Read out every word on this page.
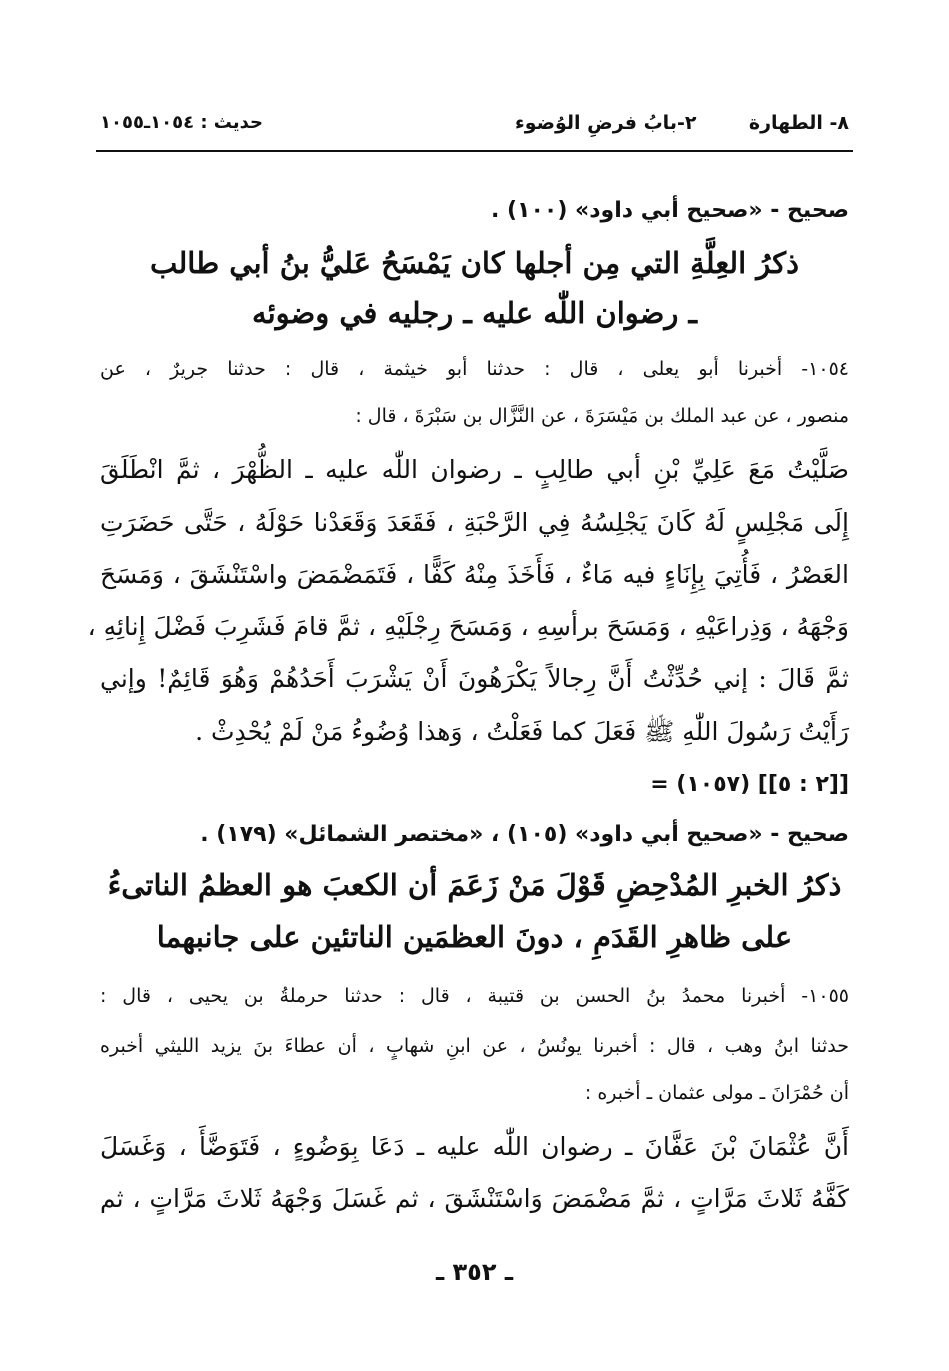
حديث : ١٠٥٤ـ١٠٥٥	٢-بابُ فرضِ الوُضوء	٨- الطهارة
صحيح - «صحيح أبي داود» (١٠٠) .
ذكرُ العِلَّةِ التي مِن أجلها كان يَمْسَحُ عَليُّ بنُ أبي طالب
ـ رضوان اللّٰه عليه ـ رجليه في وضوئه
١٠٥٤- أخبرنا أبو يعلى ، قال : حدثنا أبو خيثمة ، قال : حدثنا جريرٌ ، عن
منصور ، عن عبد الملك بن مَيْسَرَةَ ، عن النَّزَّال بن سَبْرَةَ ، قال :
صَلَّيْتُ مَعَ عَلِيِّ بْنِ أبي طالِبٍ ـ رضوان اللّٰه عليه ـ الظُّهْرَ ، ثمَّ انْطَلَقَ
إِلَى مَجْلِسٍ لَهُ كَانَ يَجْلِسُهُ فِي الرَّحْبَةِ ، فَقَعَدَ وَقَعَدْنا حَوْلَهُ ، حَتَّى حَضَرَتِ
العَصْرُ ، فَأُتِيَ بِإِنَاءٍ فيه مَاءٌ ، فَأَخَذَ مِنْهُ كَفًّا ، فَتَمَضْمَضَ واسْتَنْشَقَ ، وَمَسَحَ
وَجْهَهُ ، وَذِراعَيْهِ ، وَمَسَحَ برأسِهِ ، وَمَسَحَ رِجْلَيْهِ ، ثمَّ قامَ فَشَرِبَ فَضْلَ إِنائِهِ ،
ثمَّ قَالَ : إني حُدِّثْتُ أَنَّ رِجالاً يَكْرَهُونَ أَنْ يَشْرَبَ أَحَدُهُمْ وَهُوَ قَائِمٌ! وإني
رَأَيْتُ رَسُولَ اللّٰهِ ﷺ فَعَلَ كما فَعَلْتُ ، وَهذا وُضُوءُ مَنْ لَمْ يُحْدِثْ .
= (١٠٥٧) [[٢ : ٥]]
صحيح - «صحيح أبي داود» (١٠٥) ، «مختصر الشمائل» (١٧٩) .
ذكرُ الخبرِ المُدْحِضِ قَوْلَ مَنْ زَعَمَ أن الكعبَ هو العظمُ الناتىءُ
على ظاهرِ القَدَمِ ، دونَ العظمَين الناتئين على جانبهما
١٠٥٥- أخبرنا محمدُ بنُ الحسن بن قتيبة ، قال : حدثنا حرملةُ بن يحيى ، قال :
حدثنا ابنُ وهب ، قال : أخبرنا يونُسُ ، عن ابنِ شهابٍ ، أن عطاءَ بنَ يزيد الليثي أخبره
أن حُمْرَانَ ـ مولى عثمان ـ أخبره :
أَنَّ عُثْمَانَ بْنَ عَفَّانَ ـ رضوان اللّٰه عليه ـ دَعَا بِوَضُوءٍ ، فَتَوَضَّأَ ، وَغَسَلَ
كَفَّهُ ثَلاثَ مَرَّاتٍ ، ثمَّ مَضْمَضَ وَاسْتَنْشَقَ ، ثم غَسَلَ وَجْهَهُ ثَلاثَ مَرَّاتٍ ، ثم
ـ ٣٥٢ ـ
